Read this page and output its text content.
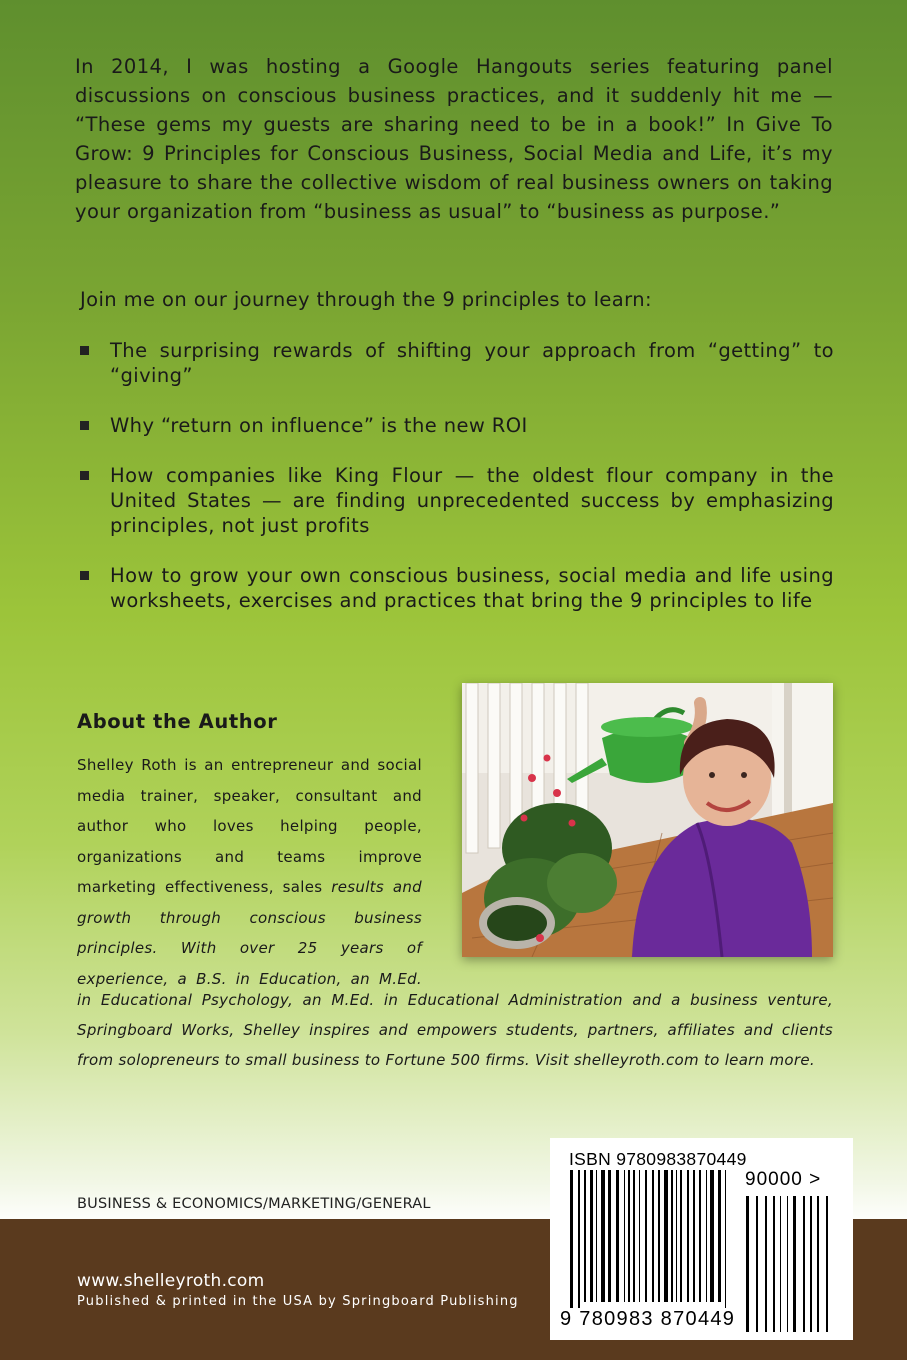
In 2014, I was hosting a Google Hangouts series featuring panel discussions on conscious business practices, and it suddenly hit me — “These gems my guests are sharing need to be in a book!” In Give To Grow: 9 Principles for Conscious Business, Social Media and Life, it’s my pleasure to share the collective wisdom of real business owners on taking your organization from “business as usual” to “business as purpose.”

Join me on our journey through the 9 principles to learn:
The surprising rewards of shifting your approach from “getting” to “giving”
Why “return on influence” is the new ROI
How companies like King Flour — the oldest flour company in the United States — are finding unprecedented success by emphasizing principles, not just profits
How to grow your own conscious business, social media and life using worksheets, exercises and practices that bring the 9 principles to life
About the Author
Shelley Roth is an entrepreneur and social media trainer, speaker, consultant and author who loves helping people, organizations and teams improve marketing effectiveness, sales results and growth through conscious business principles. With over 25 years of experience, a B.S. in Education, an M.Ed.
in Educational Psychology, an M.Ed. in Educational Administration and a business venture, Springboard Works, Shelley inspires and empowers students, partners, affiliates and clients from solopreneurs to small business to Fortune 500 firms. Visit shelleyroth.com to learn more.
BUSINESS & ECONOMICS/MARKETING/GENERAL
www.shelleyroth.com
Published & printed in the USA by Springboard Publishing
ISBN 9780983870449
90000 >
9 780983 870449
